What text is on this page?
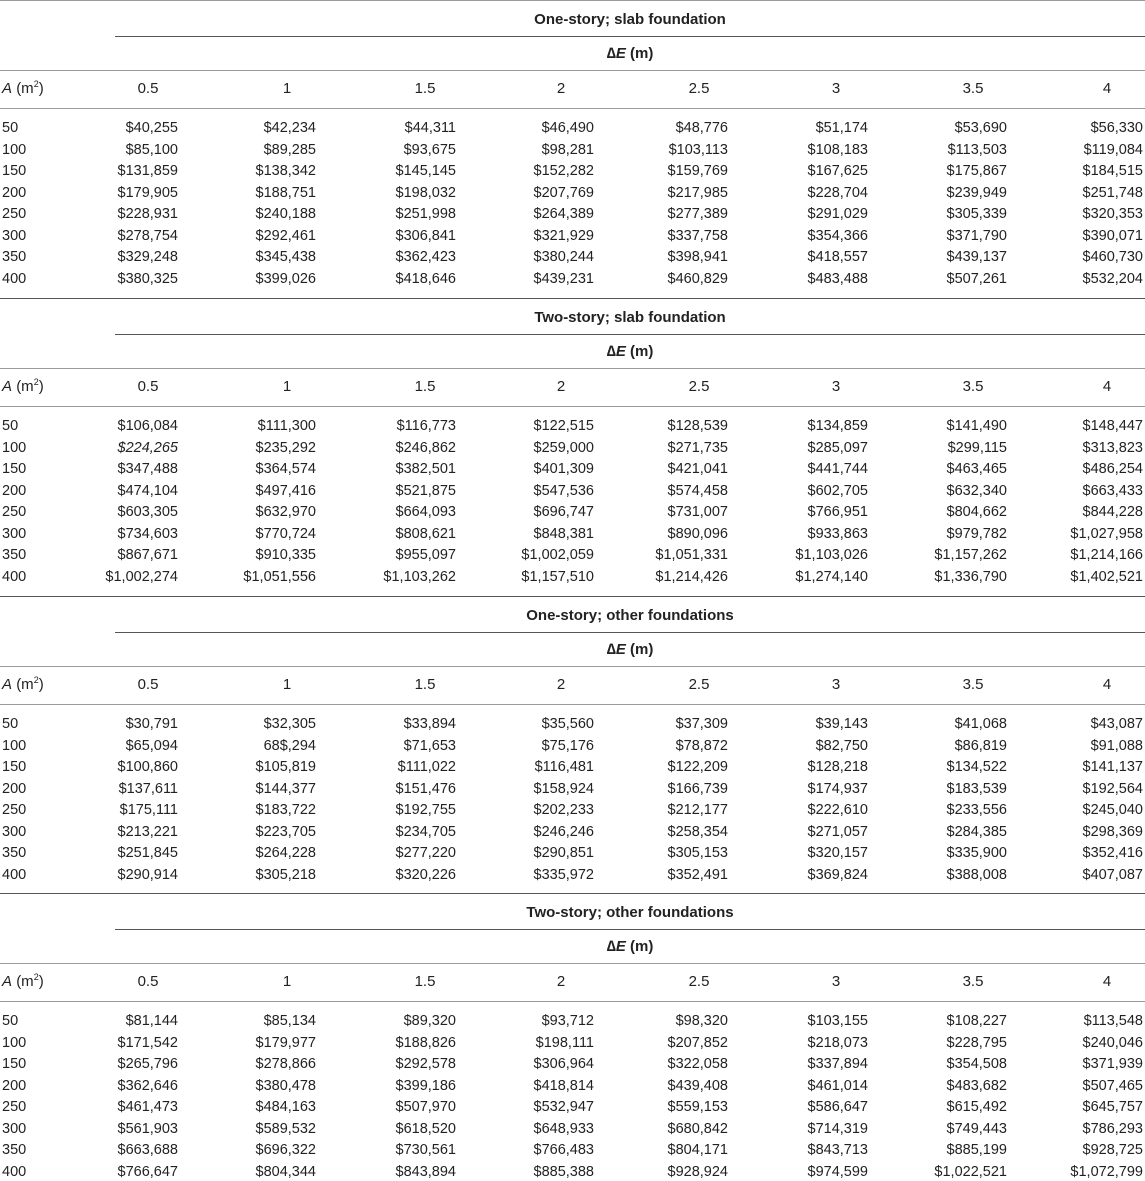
One-story; slab foundation
∆E (m)
A $(m^2)$	0.5	1	1.5	2	2.5	3	3.5	4
50	$40,255	$42,234	$44,311	$46,490	$48,776	$51,174	$53,690	$56,330
100	$85,100	$89,285	$93,675	$98,281	$103,113	$108,183	$113,503	$119,084
150	$131,859	$138,342	$145,145	$152,282	$159,769	$167,625	$175,867	$184,515
200	$179,905	$188,751	$198,032	$207,769	$217,985	$228,704	$239,949	$251,748
250	$228,931	$240,188	$251,998	$264,389	$277,389	$291,029	$305,339	$320,353
300	$278,754	$292,461	$306,841	$321,929	$337,758	$354,366	$371,790	$390,071
350	$329,248	$345,438	$362,423	$380,244	$398,941	$418,557	$439,137	$460,730
400	$380,325	$399,026	$418,646	$439,231	$460,829	$483,488	$507,261	$532,204
Two-story; slab foundation
∆E (m)
A $(m^2)$	0.5	1	1.5	2	2.5	3	3.5	4
50	$106,084	$111,300	$116,773	$122,515	$128,539	$134,859	$141,490	$148,447
100	$224,265	$235,292	$246,862	$259,000	$271,735	$285,097	$299,115	$313,823
150	$347,488	$364,574	$382,501	$401,309	$421,041	$441,744	$463,465	$486,254
200	$474,104	$497,416	$521,875	$547,536	$574,458	$602,705	$632,340	$663,433
250	$603,305	$632,970	$664,093	$696,747	$731,007	$766,951	$804,662	$844,228
300	$734,603	$770,724	$808,621	$848,381	$890,096	$933,863	$979,782	$1,027,958
350	$867,671	$910,335	$955,097	$1,002,059	$1,051,331	$1,103,026	$1,157,262	$1,214,166
400	$1,002,274	$1,051,556	$1,103,262	$1,157,510	$1,214,426	$1,274,140	$1,336,790	$1,402,521
One-story; other foundations
∆E (m)
A $(m^2)$	0.5	1	1.5	2	2.5	3	3.5	4
50	$30,791	$32,305	$33,894	$35,560	$37,309	$39,143	$41,068	$43,087
100	$65,094	68$,294	$71,653	$75,176	$78,872	$82,750	$86,819	$91,088
150	$100,860	$105,819	$111,022	$116,481	$122,209	$128,218	$134,522	$141,137
200	$137,611	$144,377	$151,476	$158,924	$166,739	$174,937	$183,539	$192,564
250	$175,111	$183,722	$192,755	$202,233	$212,177	$222,610	$233,556	$245,040
300	$213,221	$223,705	$234,705	$246,246	$258,354	$271,057	$284,385	$298,369
350	$251,845	$264,228	$277,220	$290,851	$305,153	$320,157	$335,900	$352,416
400	$290,914	$305,218	$320,226	$335,972	$352,491	$369,824	$388,008	$407,087
Two-story; other foundations
∆E (m)
A $(m^2)$	0.5	1	1.5	2	2.5	3	3.5	4
50	$81,144	$85,134	$89,320	$93,712	$98,320	$103,155	$108,227	$113,548
100	$171,542	$179,977	$188,826	$198,111	$207,852	$218,073	$228,795	$240,046
150	$265,796	$278,866	$292,578	$306,964	$322,058	$337,894	$354,508	$371,939
200	$362,646	$380,478	$399,186	$418,814	$439,408	$461,014	$483,682	$507,465
250	$461,473	$484,163	$507,970	$532,947	$559,153	$586,647	$615,492	$645,757
300	$561,903	$589,532	$618,520	$648,933	$680,842	$714,319	$749,443	$786,293
350	$663,688	$696,322	$730,561	$766,483	$804,171	$843,713	$885,199	$928,725
400	$766,647	$804,344	$843,894	$885,388	$928,924	$974,599	$1,022,521	$1,072,799
